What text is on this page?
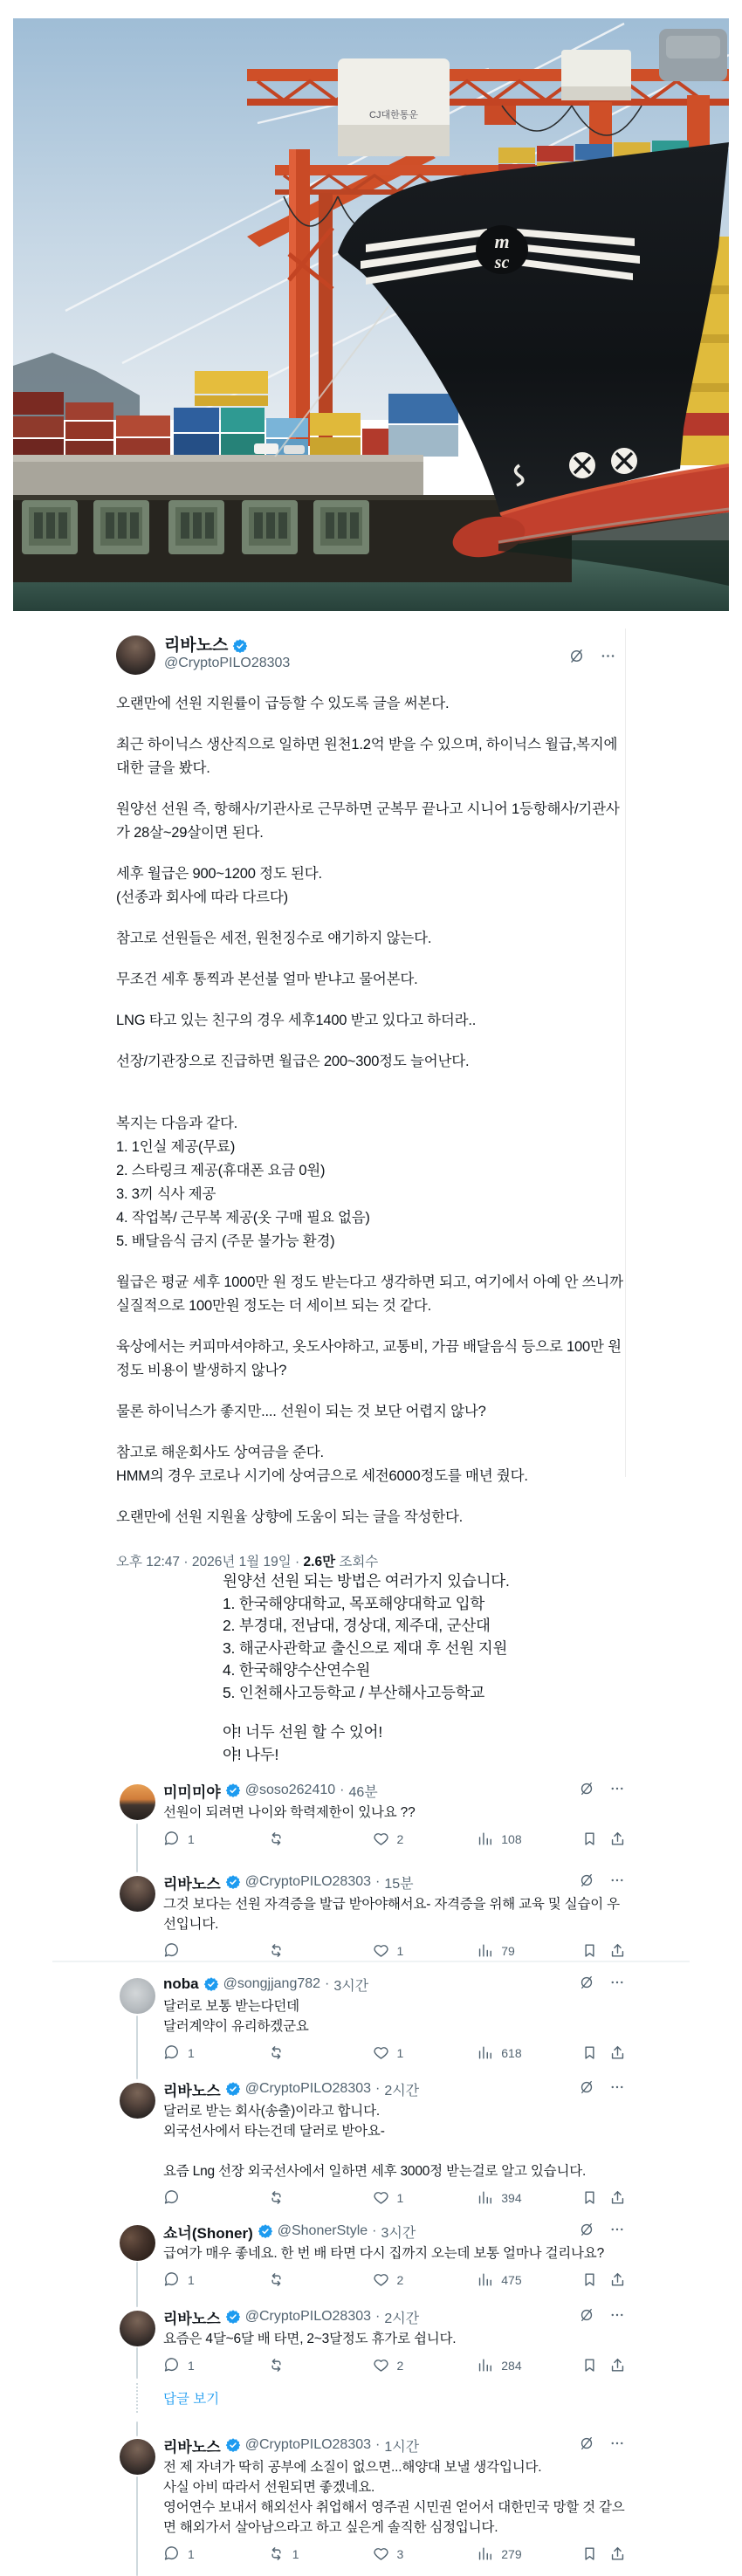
CJ대한통운
m
sc
리바노스
@CryptoPILO28303
오랜만에 선원 지원률이 급등할 수 있도록 글을 써본다.
최근 하이닉스 생산직으로 일하면 원천1.2억 받을 수 있으며, 하이닉스 월급,복지에 대한 글을 봤다.
원양선 선원 즉, 항해사/기관사로 근무하면 군복무 끝나고 시니어 1등항해사/기관사가 28살~29살이면 된다.
세후 월급은 900~1200 정도 된다.
(선종과 회사에 따라 다르다)
참고로 선원들은 세전, 원천징수로 얘기하지 않는다.
무조건 세후 통찍과 본선불 얼마 받냐고 물어본다.
LNG 타고 있는 친구의 경우 세후1400 받고 있다고 하더라..
선장/기관장으로 진급하면 월급은 200~300정도 늘어난다.
복지는 다음과 같다.
1. 1인실 제공(무료)
2. 스타링크 제공(휴대폰 요금 0원)
3. 3끼 식사 제공
4. 작업복/ 근무복 제공(옷 구매 필요 없음)
5. 배달음식 금지 (주문 불가능 환경)
월급은 평균 세후 1000만 원 정도 받는다고 생각하면 되고, 여기에서 아예 안 쓰니까 실질적으로 100만원 정도는 더 세이브 되는 것 같다.
육상에서는 커피마셔야하고, 옷도사야하고, 교통비, 가끔 배달음식 등으로 100만 원 정도 비용이 발생하지 않나?
물론 하이닉스가 좋지만.... 선원이 되는 것 보단 어렵지 않나?
참고로 해운회사도 상여금을 준다.
HMM의 경우 코로나 시기에 상여금으로 세전6000정도를 매년 줬다.
오랜만에 선원 지원율 상향에 도움이 되는 글을 작성한다.
오후 12:47 · 2026년 1월 19일 · 2.6만 조회수
원양선 선원 되는 방법은 여러가지 있습니다.
1. 한국해양대학교, 목포해양대학교 입학
2. 부경대, 전남대, 경상대, 제주대, 군산대
3. 해군사관학교 출신으로 제대 후 선원 지원
4. 한국해양수산연수원
5. 인천해사고등학교 / 부산해사고등학교
야! 너두 선원 할 수 있어!
야! 나두!
미미미야 @soso262410 · 46분
선원이 되려면 나이와 학력제한이 있나요 ??
1	2	108
리바노스 @CryptoPILO28303 · 15분
그것 보다는 선원 자격증을 발급 받아야해서요- 자격증을 위해 교육 및 실습이 우선입니다.
1	79
noba @songjjang782 · 3시간
달러로 보통 받는다던데
달러계약이 유리하겠군요
1	1	618
리바노스 @CryptoPILO28303 · 2시간
달러로 받는 회사(송출)이라고 합니다.
외국선사에서 타는건데 달러로 받아요-
요즘 Lng 선장 외국선사에서 일하면 세후 3000정 받는걸로 알고 있습니다.
1	394
쇼너(Shoner) @ShonerStyle · 3시간
급여가 매우 좋네요. 한 번 배 타면 다시 집까지 오는데 보통 얼마나 걸리나요?
1	2	475
리바노스 @CryptoPILO28303 · 2시간
요즘은 4달~6달 배 타면, 2~3달정도 휴가로 쉽니다.
1	2	284
답글 보기
리바노스 @CryptoPILO28303 · 1시간
전 제 자녀가 딱히 공부에 소질이 없으면...해양대 보낼 생각입니다.
사실 아비 따라서 선원되면 좋겠네요.
영어연수 보내서 해외선사 취업해서 영주권 시민권 얻어서 대한민국 망할 것 같으면 해외가서 살아남으라고 하고 싶은게 솔직한 심정입니다.
1	1	3	279
